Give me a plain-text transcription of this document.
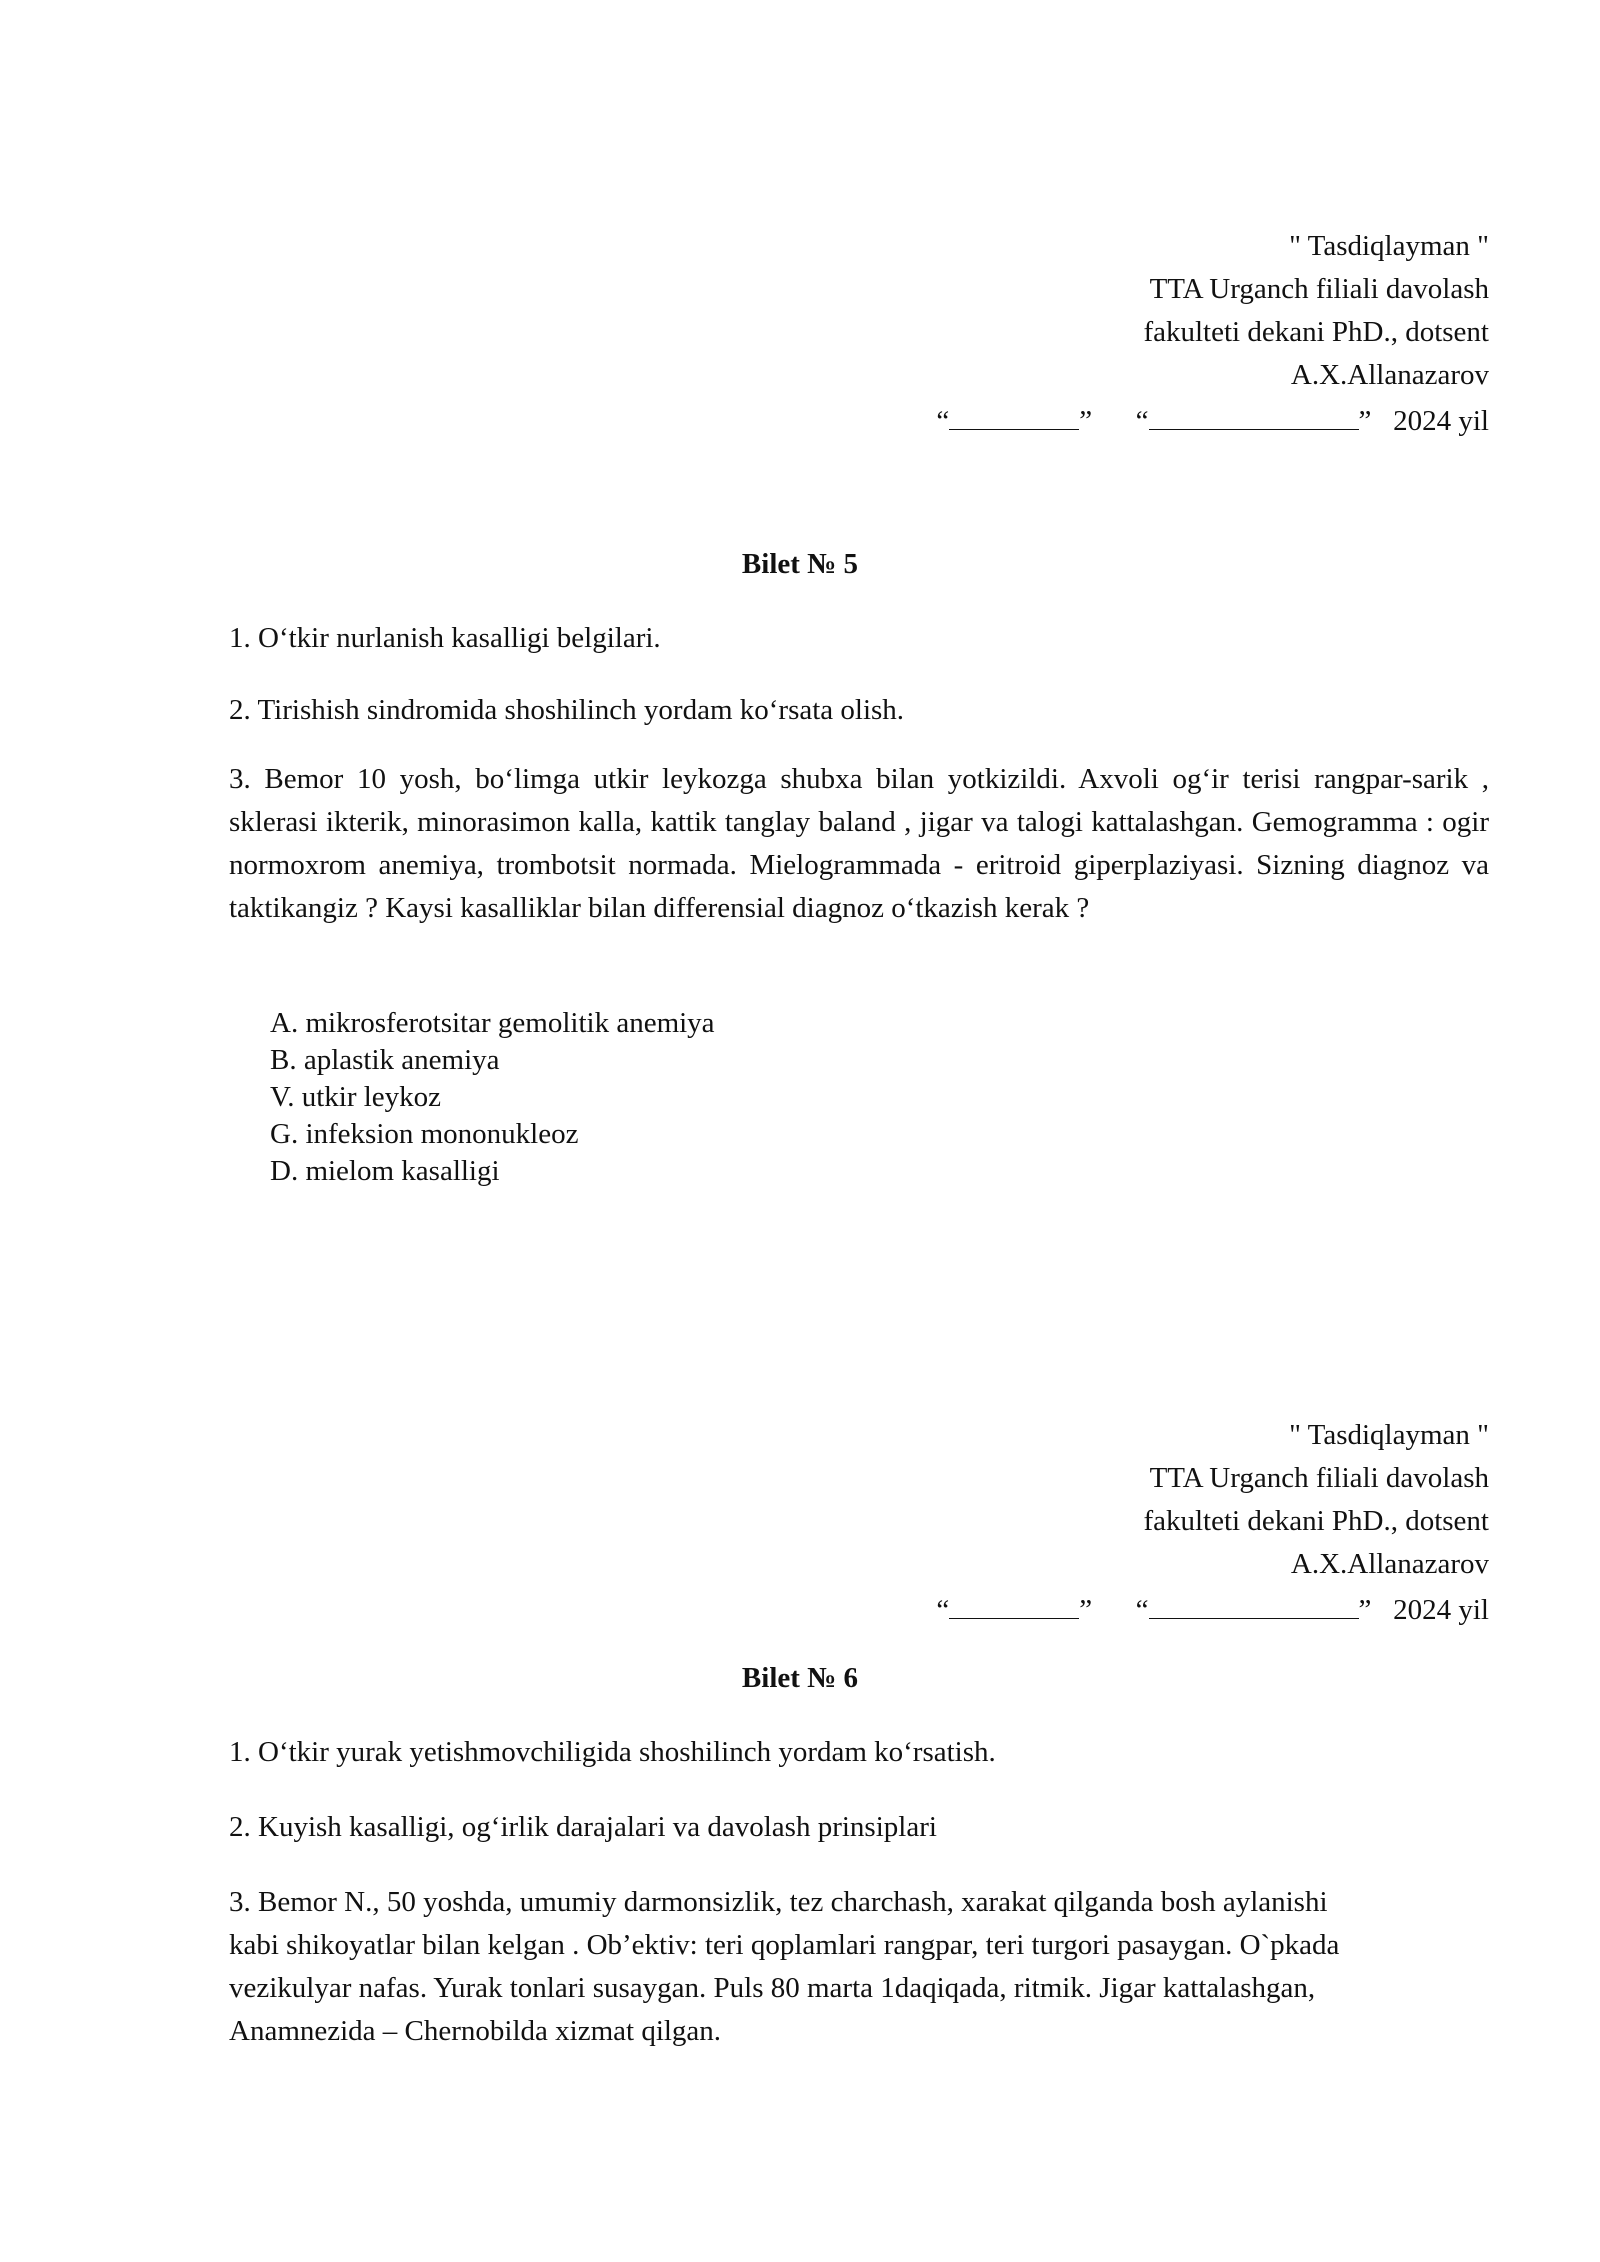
" Tasdiqlayman "
TTA Urganch filiali davolash
fakulteti dekani PhD., dotsent
A.X.Allanazarov
“	” “	” 2024 yil
Bilet № 5
1. O‘tkir nurlanish kasalligi belgilari.
2. Tirishish sindromida shoshilinch yordam ko‘rsata olish.
3. Bemor 10 yosh, bo‘limga utkir leykozga shubxa bilan yotkizildi. Axvoli og‘ir terisi rangpar-sarik , sklerasi ikterik, minorasimon kalla, kattik tanglay baland , jigar va talogi kattalashgan. Gemogramma : ogir normoxrom anemiya, trombotsit normada. Mielogrammada - eritroid giperplaziyasi. Sizning diagnoz va taktikangiz ? Kaysi kasalliklar bilan differensial diagnoz o‘tkazish kerak ?
A. mikrosferotsitar gemolitik anemiya
B. aplastik anemiya
V. utkir leykoz
G. infeksion mononukleoz
D. mielom kasalligi
" Tasdiqlayman "
TTA Urganch filiali davolash
fakulteti dekani PhD., dotsent
A.X.Allanazarov
“	” “	” 2024 yil
Bilet № 6
1. O‘tkir yurak yetishmovchiligida shoshilinch yordam ko‘rsatish.
2. Kuyish kasalligi, og‘irlik darajalari va davolash prinsiplari
3. Bemor N., 50 yoshda, umumiy darmonsizlik, tez charchash, xarakat qilganda bosh aylanishi
kabi shikoyatlar bilan kelgan . Ob’ektiv: teri qoplamlari rangpar, teri turgori pasaygan. O`pkada
vezikulyar nafas. Yurak tonlari susaygan. Puls 80 marta 1daqiqada, ritmik. Jigar kattalashgan,
Anamnezida – Chernobilda xizmat qilgan.
